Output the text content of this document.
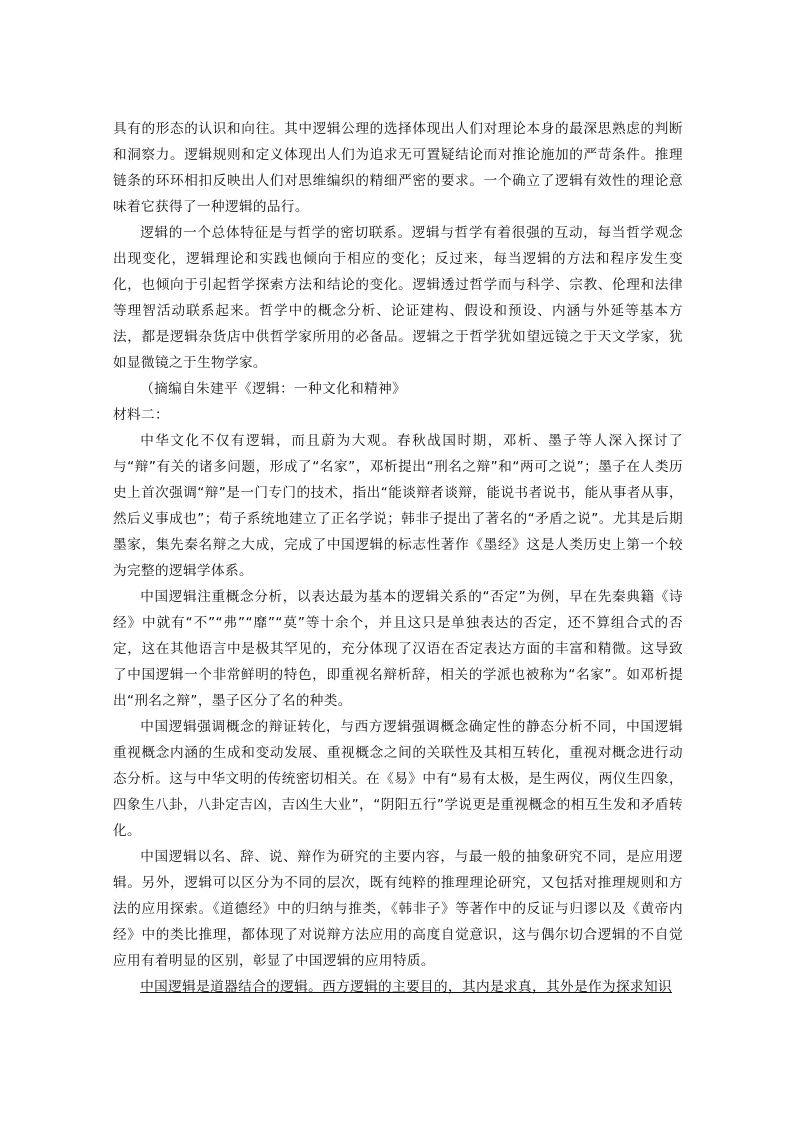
具有的形态的认识和向往。其中逻辑公理的选择体现出人们对理论本身的最深思熟虑的判断和洞察力。逻辑规则和定义体现出人们为追求无可置疑结论而对推论施加的严苛条件。推理链条的环环相扣反映出人们对思维编织的精细严密的要求。一个确立了逻辑有效性的理论意味着它获得了一种逻辑的品行。

逻辑的一个总体特征是与哲学的密切联系。逻辑与哲学有着很强的互动，每当哲学观念出现变化，逻辑理论和实践也倾向于相应的变化；反过来，每当逻辑的方法和程序发生变化，也倾向于引起哲学探索方法和结论的变化。逻辑透过哲学而与科学、宗教、伦理和法律等理智活动联系起来。哲学中的概念分析、论证建构、假设和预设、内涵与外延等基本方法，都是逻辑杂货店中供哲学家所用的必备品。逻辑之于哲学犹如望远镜之于天文学家，犹如显微镜之于生物学家。

（摘编自朱建平《逻辑：一种文化和精神》

材料二：

中华文化不仅有逻辑，而且蔚为大观。春秋战国时期，邓析、墨子等人深入探讨了与“辩”有关的诸多问题，形成了“名家”，邓析提出“刑名之辩”和“两可之说”；墨子在人类历史上首次强调“辩”是一门专门的技术，指出“能谈辩者谈辩，能说书者说书，能从事者从事，然后义事成也”；荀子系统地建立了正名学说；韩非子提出了著名的“矛盾之说”。尤其是后期墨家，集先秦名辩之大成，完成了中国逻辑的标志性著作《墨经》这是人类历史上第一个较为完整的逻辑学体系。

中国逻辑注重概念分析，以表达最为基本的逻辑关系的“否定”为例，早在先秦典籍《诗经》中就有“不”“弗”“靡”“莫”等十余个，并且这只是单独表达的否定，还不算组合式的否定，这在其他语言中是极其罕见的，充分体现了汉语在否定表达方面的丰富和精微。这导致了中国逻辑一个非常鲜明的特色，即重视名辩析辞，相关的学派也被称为“名家”。如邓析提出“刑名之辩”，墨子区分了名的种类。

中国逻辑强调概念的辩证转化，与西方逻辑强调概念确定性的静态分析不同，中国逻辑重视概念内涵的生成和变动发展、重视概念之间的关联性及其相互转化，重视对概念进行动态分析。这与中华文明的传统密切相关。在《易》中有“易有太极，是生两仪，两仪生四象，四象生八卦，八卦定吉凶，吉凶生大业”，“阴阳五行”学说更是重视概念的相互生发和矛盾转化。

中国逻辑以名、辞、说、辩作为研究的主要内容，与最一般的抽象研究不同，是应用逻辑。另外，逻辑可以区分为不同的层次，既有纯粹的推理理论研究，又包括对推理规则和方法的应用探索。《道德经》中的归纳与推类，《韩非子》等著作中的反证与归谬以及《黄帝内经》中的类比推理，都体现了对说辩方法应用的高度自觉意识，这与偶尔切合逻辑的不自觉应用有着明显的区别，彰显了中国逻辑的应用特质。

中国逻辑是道器结合的逻辑。西方逻辑的主要目的，其内是求真，其外是作为探求知识
